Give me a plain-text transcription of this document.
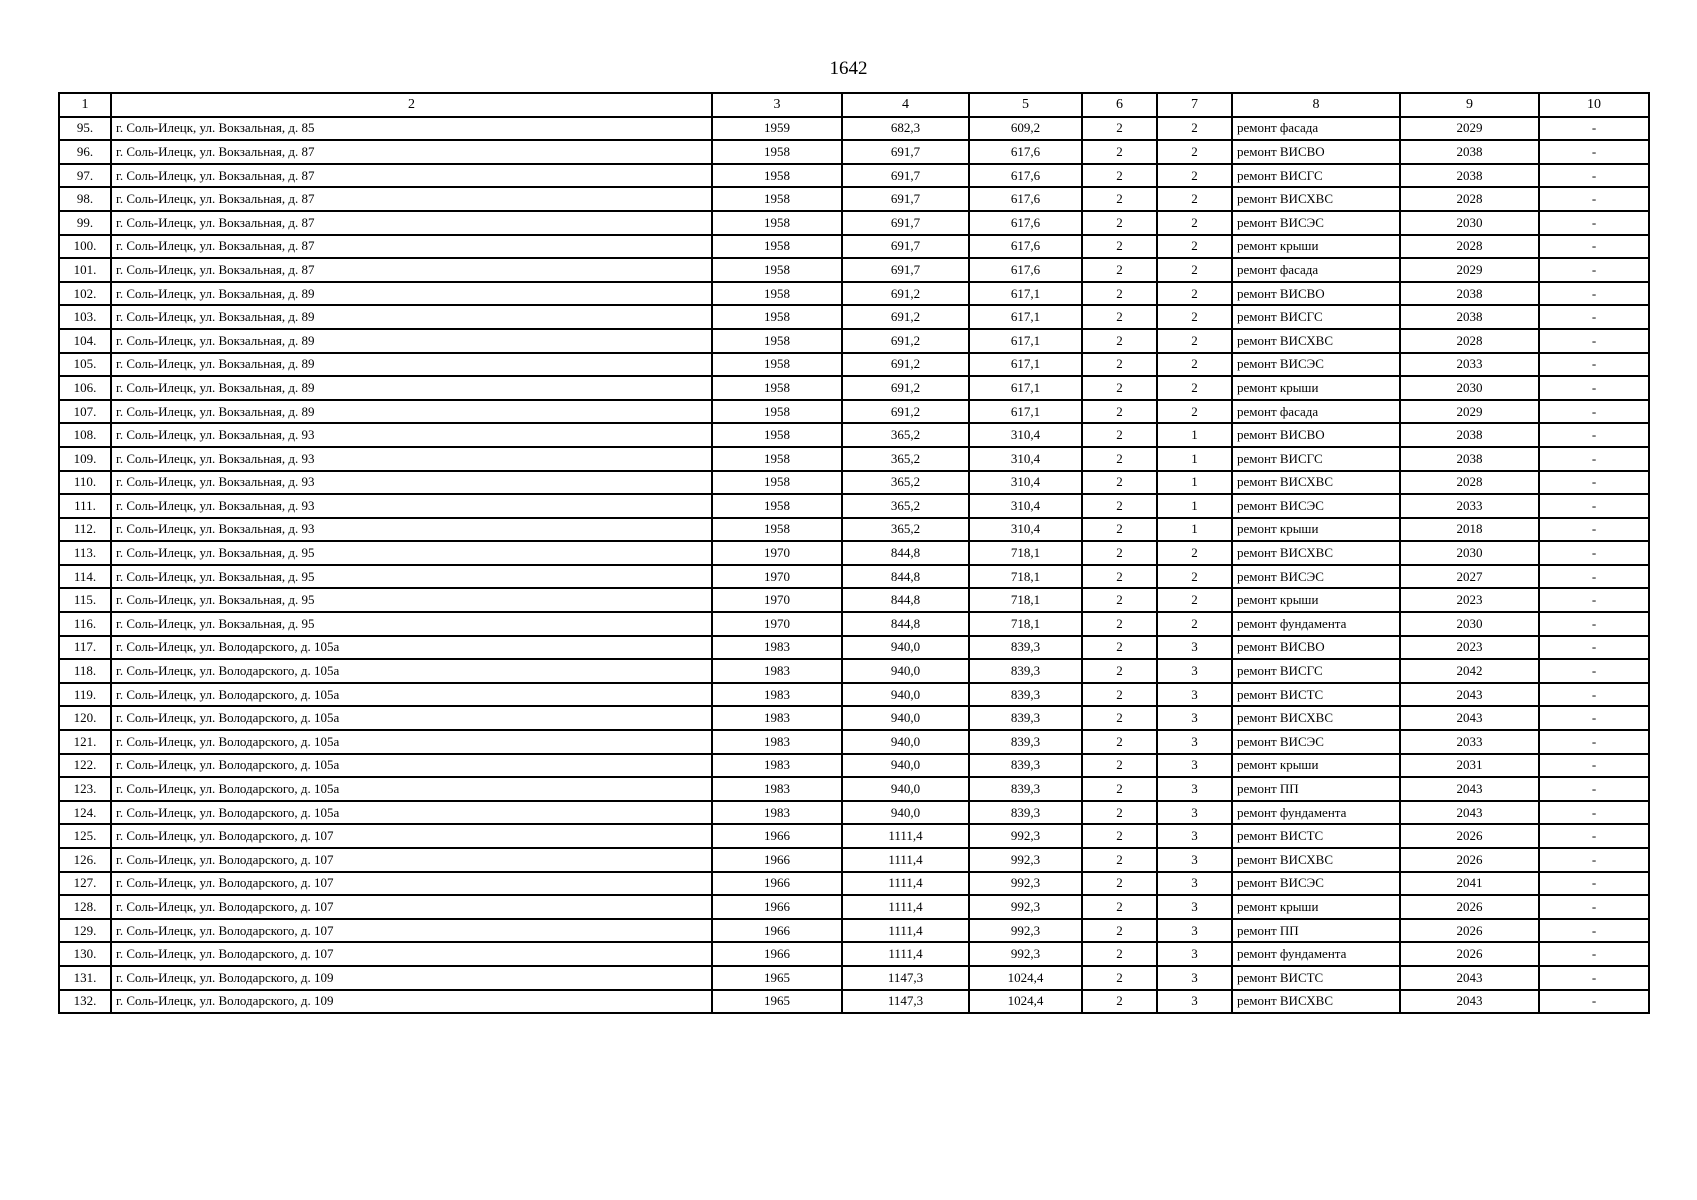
1642
1	2	3	4	5	6	7	8	9	10
95.	г. Соль-Илецк, ул. Вокзальная, д. 85	1959	682,3	609,2	2	2	ремонт фасада	2029	-
96.	г. Соль-Илецк, ул. Вокзальная, д. 87	1958	691,7	617,6	2	2	ремонт ВИСВО	2038	-
97.	г. Соль-Илецк, ул. Вокзальная, д. 87	1958	691,7	617,6	2	2	ремонт ВИСГС	2038	-
98.	г. Соль-Илецк, ул. Вокзальная, д. 87	1958	691,7	617,6	2	2	ремонт ВИСХВС	2028	-
99.	г. Соль-Илецк, ул. Вокзальная, д. 87	1958	691,7	617,6	2	2	ремонт ВИСЭС	2030	-
100.	г. Соль-Илецк, ул. Вокзальная, д. 87	1958	691,7	617,6	2	2	ремонт крыши	2028	-
101.	г. Соль-Илецк, ул. Вокзальная, д. 87	1958	691,7	617,6	2	2	ремонт фасада	2029	-
102.	г. Соль-Илецк, ул. Вокзальная, д. 89	1958	691,2	617,1	2	2	ремонт ВИСВО	2038	-
103.	г. Соль-Илецк, ул. Вокзальная, д. 89	1958	691,2	617,1	2	2	ремонт ВИСГС	2038	-
104.	г. Соль-Илецк, ул. Вокзальная, д. 89	1958	691,2	617,1	2	2	ремонт ВИСХВС	2028	-
105.	г. Соль-Илецк, ул. Вокзальная, д. 89	1958	691,2	617,1	2	2	ремонт ВИСЭС	2033	-
106.	г. Соль-Илецк, ул. Вокзальная, д. 89	1958	691,2	617,1	2	2	ремонт крыши	2030	-
107.	г. Соль-Илецк, ул. Вокзальная, д. 89	1958	691,2	617,1	2	2	ремонт фасада	2029	-
108.	г. Соль-Илецк, ул. Вокзальная, д. 93	1958	365,2	310,4	2	1	ремонт ВИСВО	2038	-
109.	г. Соль-Илецк, ул. Вокзальная, д. 93	1958	365,2	310,4	2	1	ремонт ВИСГС	2038	-
110.	г. Соль-Илецк, ул. Вокзальная, д. 93	1958	365,2	310,4	2	1	ремонт ВИСХВС	2028	-
111.	г. Соль-Илецк, ул. Вокзальная, д. 93	1958	365,2	310,4	2	1	ремонт ВИСЭС	2033	-
112.	г. Соль-Илецк, ул. Вокзальная, д. 93	1958	365,2	310,4	2	1	ремонт крыши	2018	-
113.	г. Соль-Илецк, ул. Вокзальная, д. 95	1970	844,8	718,1	2	2	ремонт ВИСХВС	2030	-
114.	г. Соль-Илецк, ул. Вокзальная, д. 95	1970	844,8	718,1	2	2	ремонт ВИСЭС	2027	-
115.	г. Соль-Илецк, ул. Вокзальная, д. 95	1970	844,8	718,1	2	2	ремонт крыши	2023	-
116.	г. Соль-Илецк, ул. Вокзальная, д. 95	1970	844,8	718,1	2	2	ремонт фундамента	2030	-
117.	г. Соль-Илецк, ул. Володарского, д. 105а	1983	940,0	839,3	2	3	ремонт ВИСВО	2023	-
118.	г. Соль-Илецк, ул. Володарского, д. 105а	1983	940,0	839,3	2	3	ремонт ВИСГС	2042	-
119.	г. Соль-Илецк, ул. Володарского, д. 105а	1983	940,0	839,3	2	3	ремонт ВИСТС	2043	-
120.	г. Соль-Илецк, ул. Володарского, д. 105а	1983	940,0	839,3	2	3	ремонт ВИСХВС	2043	-
121.	г. Соль-Илецк, ул. Володарского, д. 105а	1983	940,0	839,3	2	3	ремонт ВИСЭС	2033	-
122.	г. Соль-Илецк, ул. Володарского, д. 105а	1983	940,0	839,3	2	3	ремонт крыши	2031	-
123.	г. Соль-Илецк, ул. Володарского, д. 105а	1983	940,0	839,3	2	3	ремонт ПП	2043	-
124.	г. Соль-Илецк, ул. Володарского, д. 105а	1983	940,0	839,3	2	3	ремонт фундамента	2043	-
125.	г. Соль-Илецк, ул. Володарского, д. 107	1966	1111,4	992,3	2	3	ремонт ВИСТС	2026	-
126.	г. Соль-Илецк, ул. Володарского, д. 107	1966	1111,4	992,3	2	3	ремонт ВИСХВС	2026	-
127.	г. Соль-Илецк, ул. Володарского, д. 107	1966	1111,4	992,3	2	3	ремонт ВИСЭС	2041	-
128.	г. Соль-Илецк, ул. Володарского, д. 107	1966	1111,4	992,3	2	3	ремонт крыши	2026	-
129.	г. Соль-Илецк, ул. Володарского, д. 107	1966	1111,4	992,3	2	3	ремонт ПП	2026	-
130.	г. Соль-Илецк, ул. Володарского, д. 107	1966	1111,4	992,3	2	3	ремонт фундамента	2026	-
131.	г. Соль-Илецк, ул. Володарского, д. 109	1965	1147,3	1024,4	2	3	ремонт ВИСТС	2043	-
132.	г. Соль-Илецк, ул. Володарского, д. 109	1965	1147,3	1024,4	2	3	ремонт ВИСХВС	2043	-
